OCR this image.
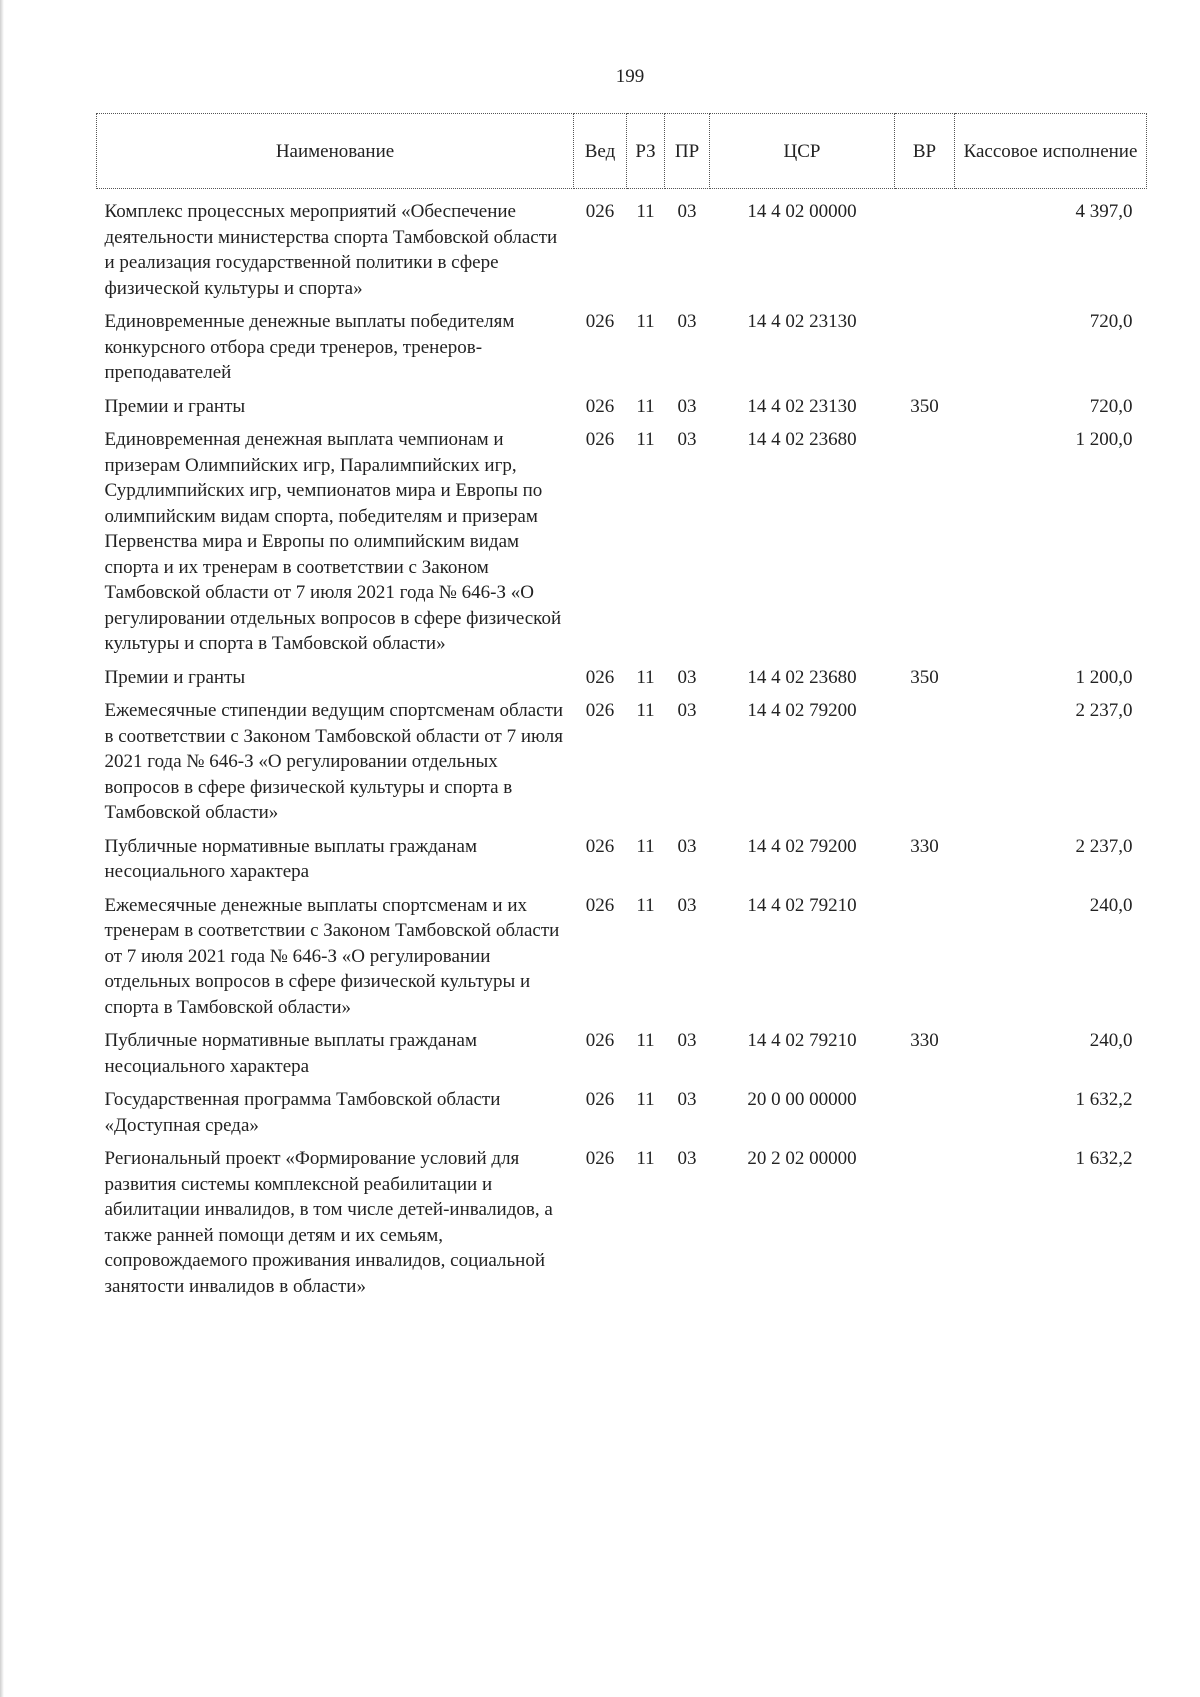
199
Наименование	Вед	РЗ	ПР	ЦСР	ВР	Кассовое исполнение
Комплекс процессных мероприятий «Обеспечение деятельности министерства спорта Тамбовской области и реализация государственной политики в сфере физической культуры и спорта»	026	11	03	14 4 02 00000		4 397,0
Единовременные денежные выплаты победителям конкурсного отбора среди тренеров, тренеров-преподавателей	026	11	03	14 4 02 23130		720,0
Премии и гранты	026	11	03	14 4 02 23130	350	720,0
Единовременная денежная выплата чемпионам и призерам Олимпийских игр, Паралимпийских игр, Сурдлимпийских игр, чемпионатов мира и Европы по олимпийским видам спорта, победителям и призерам Первенства мира и Европы по олимпийским видам спорта и их тренерам в соответствии с Законом Тамбовской области от 7 июля 2021 года № 646-З «О регулировании отдельных вопросов в сфере физической культуры и спорта в Тамбовской области»	026	11	03	14 4 02 23680		1 200,0
Премии и гранты	026	11	03	14 4 02 23680	350	1 200,0
Ежемесячные стипендии ведущим спортсменам области в соответствии с Законом Тамбовской области от 7 июля 2021 года № 646-З «О регулировании отдельных вопросов в сфере физической культуры и спорта в Тамбовской области»	026	11	03	14 4 02 79200		2 237,0
Публичные нормативные выплаты гражданам несоциального характера	026	11	03	14 4 02 79200	330	2 237,0
Ежемесячные денежные выплаты спортсменам и их тренерам в соответствии с Законом Тамбовской области от 7 июля 2021 года № 646-З «О регулировании отдельных вопросов в сфере физической культуры и спорта в Тамбовской области»	026	11	03	14 4 02 79210		240,0
Публичные нормативные выплаты гражданам несоциального характера	026	11	03	14 4 02 79210	330	240,0
Государственная программа Тамбовской области «Доступная среда»	026	11	03	20 0 00 00000		1 632,2
Региональный проект «Формирование условий для развития системы комплексной реабилитации и абилитации инвалидов, в том числе детей-инвалидов, а также ранней помощи детям и их семьям, сопровождаемого проживания инвалидов, социальной занятости инвалидов в области»	026	11	03	20 2 02 00000		1 632,2
